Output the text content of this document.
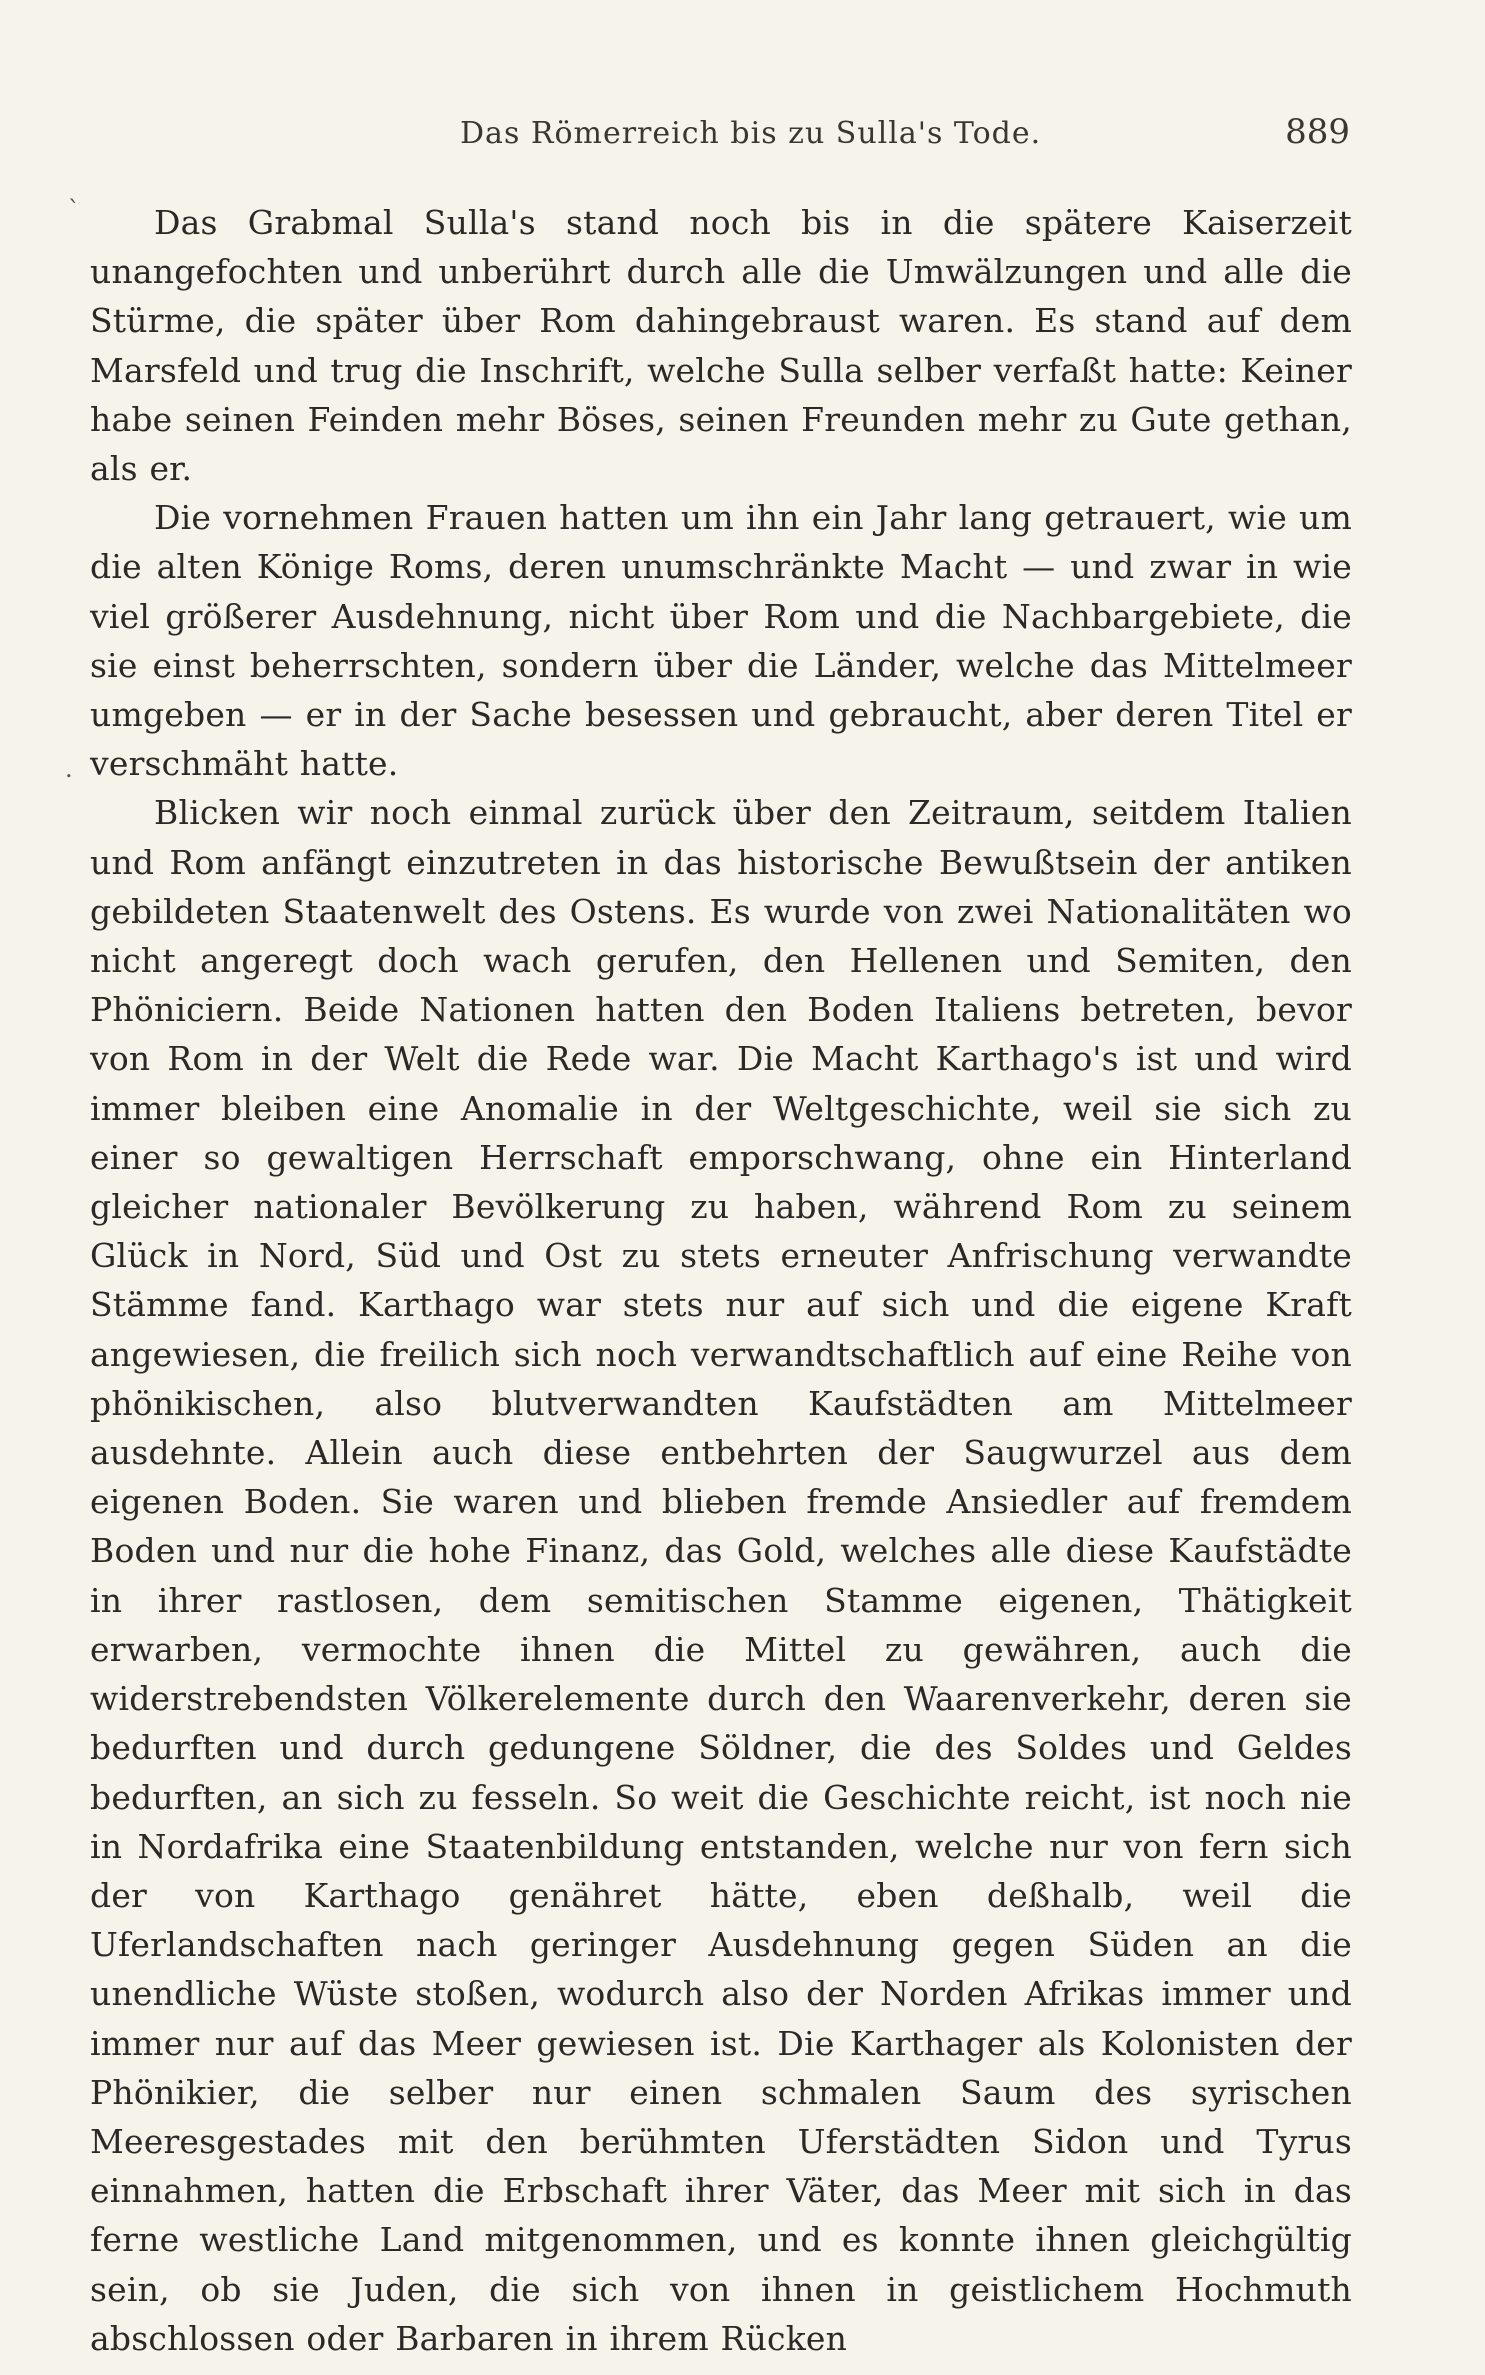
Das Römerreich bis zu Sulla's Tode.	889
ˋ
.

Das Grabmal Sulla's stand noch bis in die spätere Kaiserzeit unangefochten und unberührt durch alle die Umwälzungen und alle die Stürme, die später über Rom dahingebraust waren. Es stand auf dem Marsfeld und trug die Inschrift, welche Sulla selber verfaßt hatte: Keiner habe seinen Feinden mehr Böses, seinen Freunden mehr zu Gute gethan, als er.

Die vornehmen Frauen hatten um ihn ein Jahr lang getrauert, wie um die alten Könige Roms, deren unumschränkte Macht — und zwar in wie viel größerer Ausdehnung, nicht über Rom und die Nachbargebiete, die sie einst beherrschten, sondern über die Länder, welche das Mittelmeer umgeben — er in der Sache besessen und gebraucht, aber deren Titel er verschmäht hatte.

Blicken wir noch einmal zurück über den Zeitraum, seitdem Italien und Rom anfängt einzutreten in das historische Bewußtsein der antiken gebildeten Staatenwelt des Ostens. Es wurde von zwei Nationalitäten wo nicht angeregt doch wach gerufen, den Hellenen und Semiten, den Phöniciern. Beide Nationen hatten den Boden Italiens betreten, bevor von Rom in der Welt die Rede war. Die Macht Karthago's ist und wird immer bleiben eine Anomalie in der Weltgeschichte, weil sie sich zu einer so gewaltigen Herrschaft emporschwang, ohne ein Hinterland gleicher nationaler Bevölkerung zu haben, während Rom zu seinem Glück in Nord, Süd und Ost zu stets erneuter Anfrischung verwandte Stämme fand. Karthago war stets nur auf sich und die eigene Kraft angewiesen, die freilich sich noch verwandtschaftlich auf eine Reihe von phönikischen, also blutverwandten Kaufstädten am Mittelmeer ausdehnte. Allein auch diese entbehrten der Saugwurzel aus dem eigenen Boden. Sie waren und blieben fremde Ansiedler auf fremdem Boden und nur die hohe Finanz, das Gold, welches alle diese Kaufstädte in ihrer rastlosen, dem semitischen Stamme eigenen, Thätigkeit erwarben, vermochte ihnen die Mittel zu gewähren, auch die widerstrebendsten Völkerelemente durch den Waarenverkehr, deren sie bedurften und durch gedungene Söldner, die des Soldes und Geldes bedurften, an sich zu fesseln. So weit die Geschichte reicht, ist noch nie in Nordafrika eine Staatenbildung entstanden, welche nur von fern sich der von Karthago genähret hätte, eben deßhalb, weil die Uferlandschaften nach geringer Ausdehnung gegen Süden an die unendliche Wüste stoßen, wodurch also der Norden Afrikas immer und immer nur auf das Meer gewiesen ist. Die Karthager als Kolonisten der Phönikier, die selber nur einen schmalen Saum des syrischen Meeresgestades mit den berühmten Uferstädten Sidon und Tyrus einnahmen, hatten die Erbschaft ihrer Väter, das Meer mit sich in das ferne westliche Land mitgenommen, und es konnte ihnen gleichgültig sein, ob sie Juden, die sich von ihnen in geistlichem Hochmuth abschlossen oder Barbaren in ihrem Rücken
